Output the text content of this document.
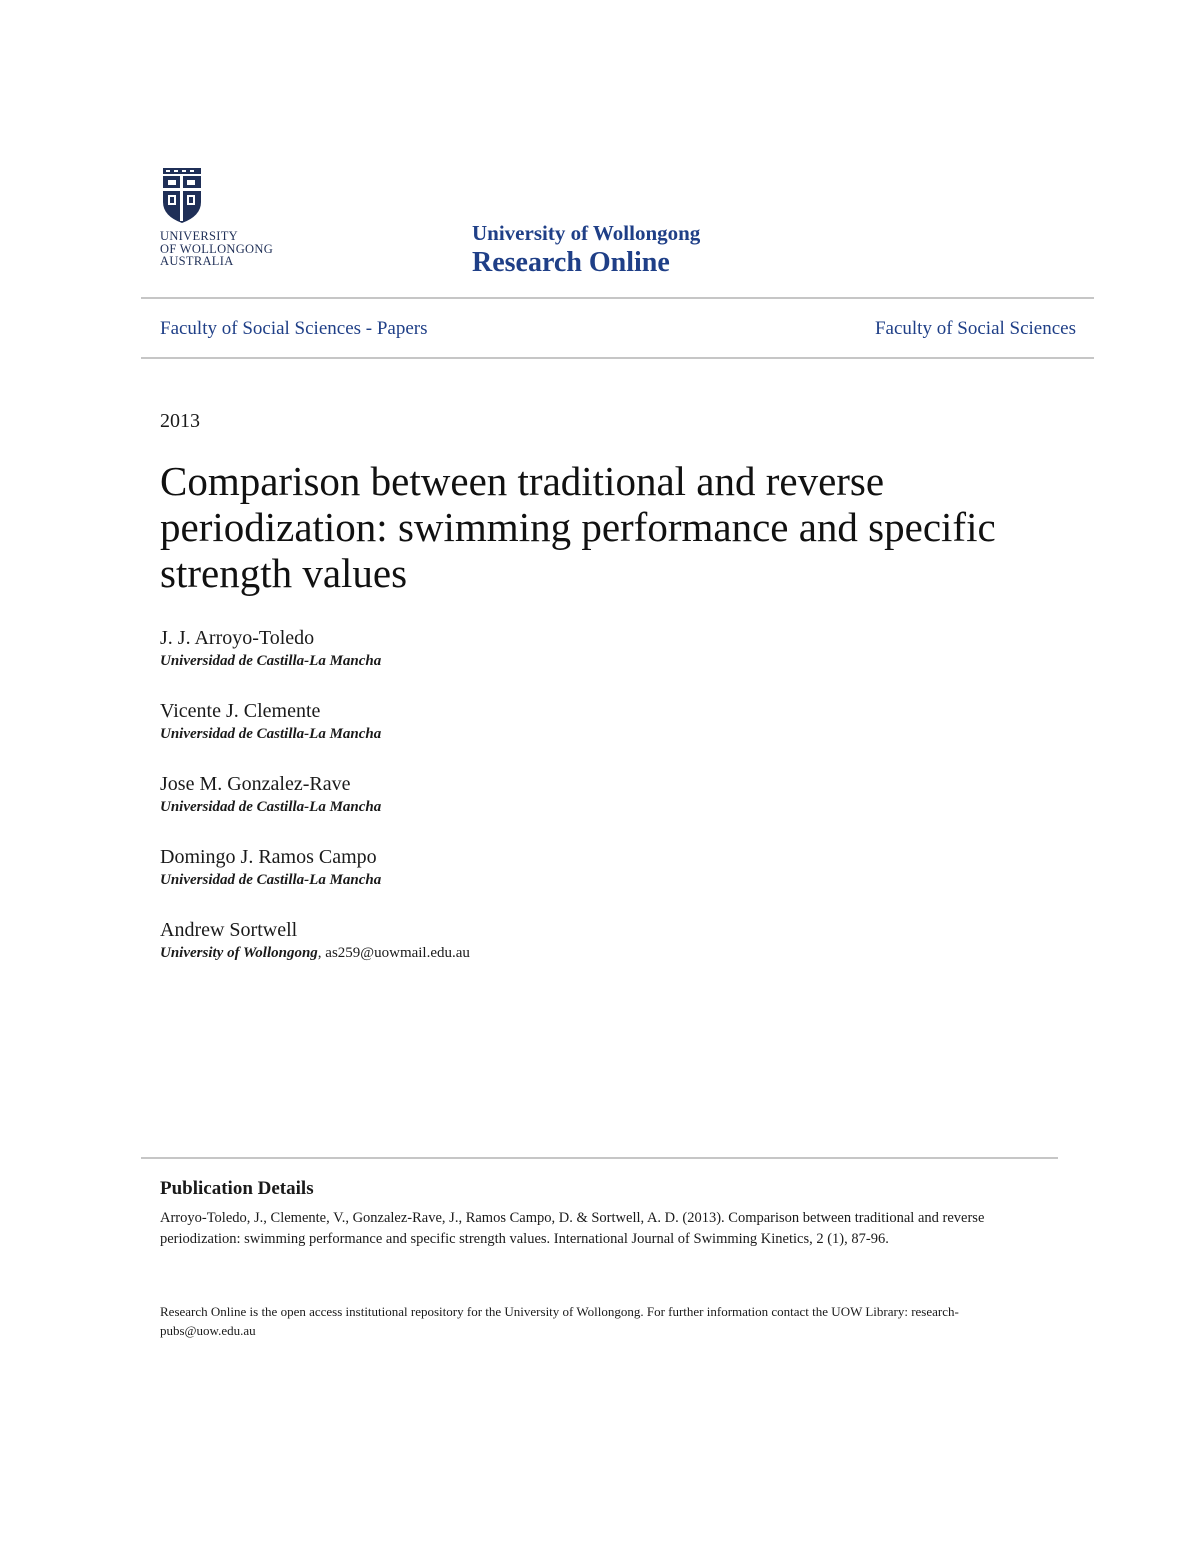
UNIVERSITY
OF WOLLONGONG
AUSTRALIA
University of Wollongong
Research Online
Faculty of Social Sciences - Papers	Faculty of Social Sciences
2013
Comparison between traditional and reverse periodization: swimming performance and specific strength values
J. J. Arroyo-Toledo
Universidad de Castilla-La Mancha
Vicente J. Clemente
Universidad de Castilla-La Mancha
Jose M. Gonzalez-Rave
Universidad de Castilla-La Mancha
Domingo J. Ramos Campo
Universidad de Castilla-La Mancha
Andrew Sortwell
University of Wollongong, as259@uowmail.edu.au
Publication Details
Arroyo-Toledo, J., Clemente, V., Gonzalez-Rave, J., Ramos Campo, D. & Sortwell, A. D. (2013). Comparison between traditional and reverse periodization: swimming performance and specific strength values. International Journal of Swimming Kinetics, 2 (1), 87-96.
Research Online is the open access institutional repository for the University of Wollongong. For further information contact the UOW Library: research-pubs@uow.edu.au
